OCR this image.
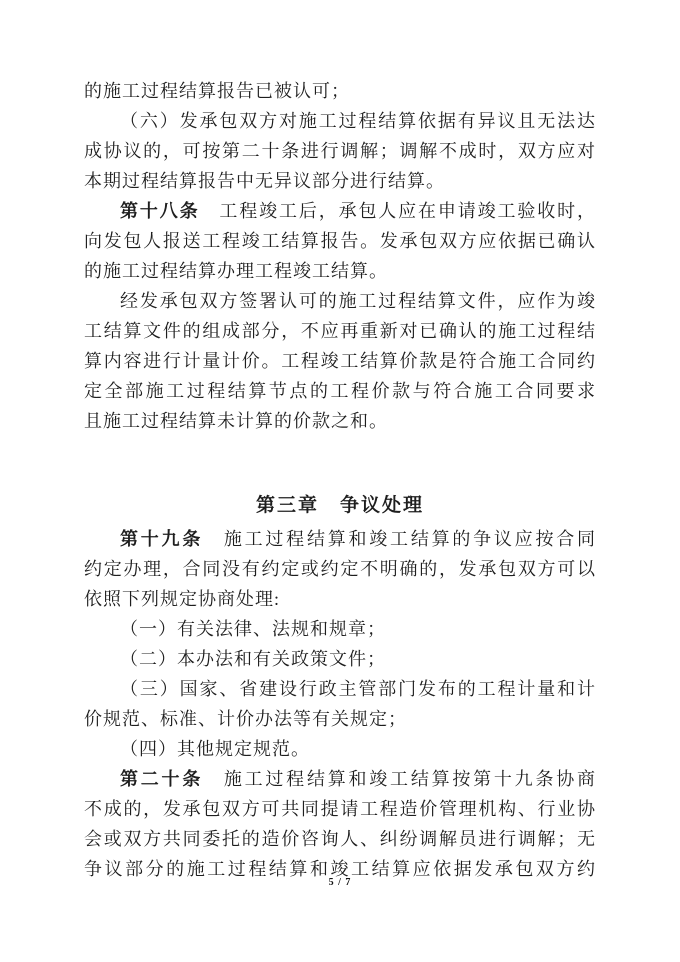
的施工过程结算报告已被认可；
（六）发承包双方对施工过程结算依据有异议且无法达
成协议的，可按第二十条进行调解；调解不成时，双方应对
本期过程结算报告中无异议部分进行结算。
第十八条　工程竣工后，承包人应在申请竣工验收时，
向发包人报送工程竣工结算报告。发承包双方应依据已确认
的施工过程结算办理工程竣工结算。
经发承包双方签署认可的施工过程结算文件，应作为竣
工结算文件的组成部分，不应再重新对已确认的施工过程结
算内容进行计量计价。工程竣工结算价款是符合施工合同约
定全部施工过程结算节点的工程价款与符合施工合同要求
且施工过程结算未计算的价款之和。
第三章　争议处理
第十九条　施工过程结算和竣工结算的争议应按合同
约定办理，合同没有约定或约定不明确的，发承包双方可以
依照下列规定协商处理:
（一）有关法律、法规和规章；
（二）本办法和有关政策文件；
（三）国家、省建设行政主管部门发布的工程计量和计
价规范、标准、计价办法等有关规定；
（四）其他规定规范。
第二十条　施工过程结算和竣工结算按第十九条协商
不成的，发承包双方可共同提请工程造价管理机构、行业协
会或双方共同委托的造价咨询人、纠纷调解员进行调解；无
争议部分的施工过程结算和竣工结算应依据发承包双方约
5 / 7
